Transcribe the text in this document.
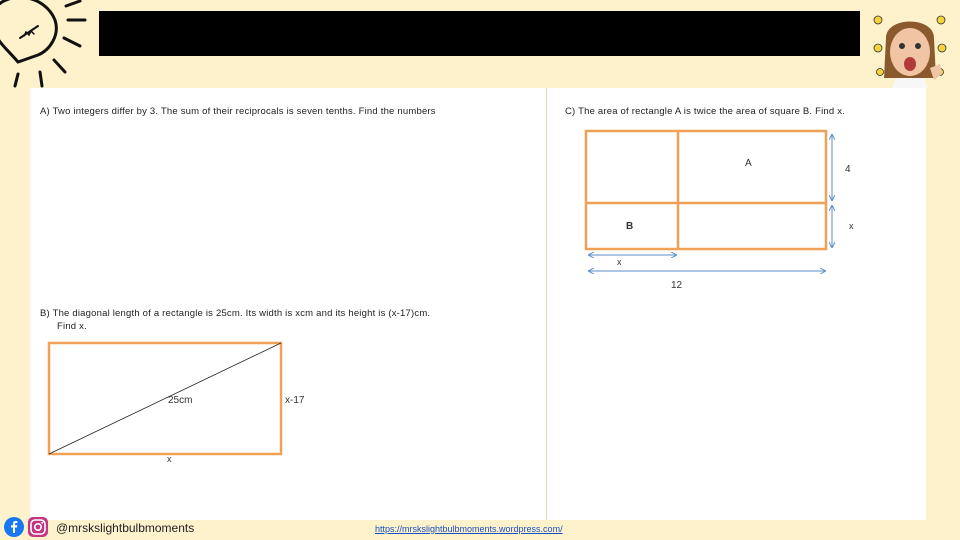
A) Two integers differ by 3. The sum of their reciprocals is seven tenths. Find the numbers
B) The diagonal length of a rectangle is 25cm. Its width is xcm and its height is (x-17)cm.
Find x.
C) The area of rectangle A is twice the area of square B. Find x.
25cm	x-17
x
A
B
4
x
x
12
@mrskslightbulbmoments	https://mrskslightbulbmoments.wordpress.com/
